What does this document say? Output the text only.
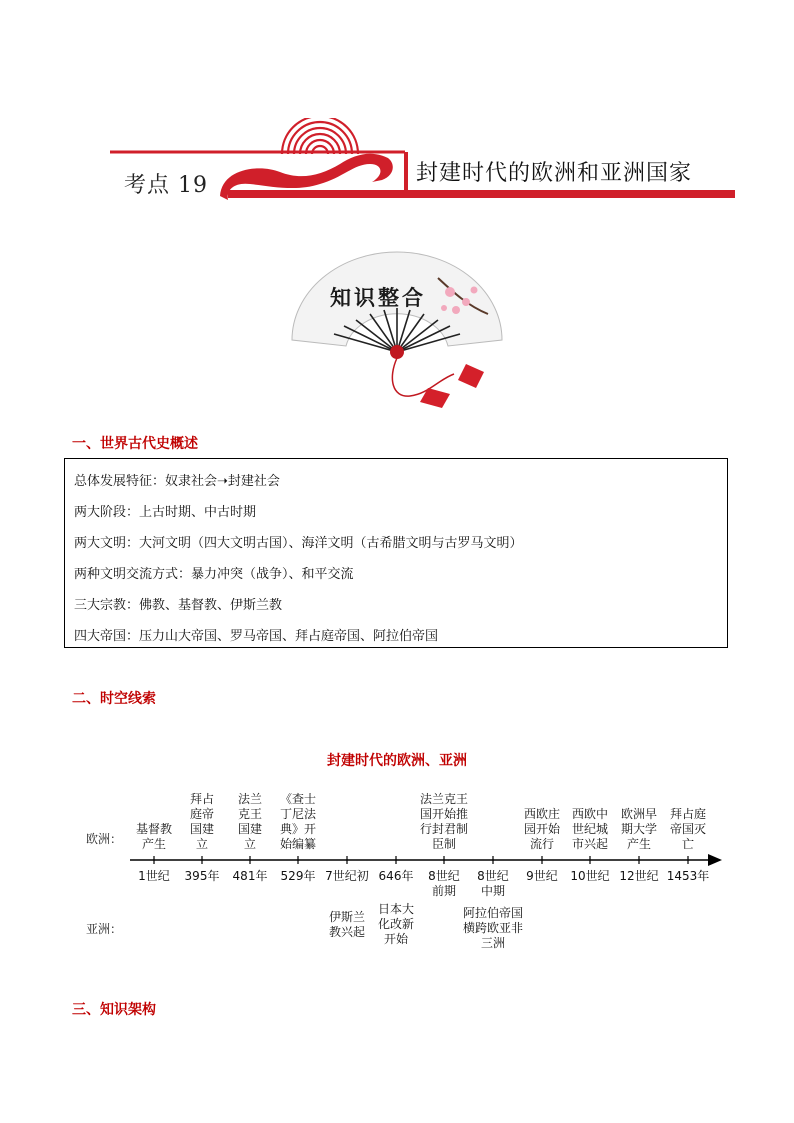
考点 19	封建时代的欧洲和亚洲国家
知识整合
一、世界古代史概述
总体发展特征：奴隶社会➝封建社会
两大阶段：上古时期、中古时期
两大文明：大河文明（四大文明古国）、海洋文明（古希腊文明与古罗马文明）
两种文明交流方式：暴力冲突（战争）、和平交流
三大宗教：佛教、基督教、伊斯兰教
四大帝国：压力山大帝国、罗马帝国、拜占庭帝国、阿拉伯帝国
二、时空线索
封建时代的欧洲、亚洲
欧洲：
亚洲：
1世纪
基督教
产生
395年
拜占
庭帝
国建
立
481年
法兰
克王
国建
立
529年
《查士
丁尼法
典》开
始编纂
7世纪初
伊斯兰
教兴起
646年
日本大
化改新
开始
8世纪
前期
法兰克王
国开始推
行封君制
臣制
8世纪
中期
阿拉伯帝国
横跨欧亚非
三洲
9世纪
西欧庄
园开始
流行
10世纪
西欧中
世纪城
市兴起
12世纪
欧洲早
期大学
产生
1453年
拜占庭
帝国灭
亡
三、知识架构
